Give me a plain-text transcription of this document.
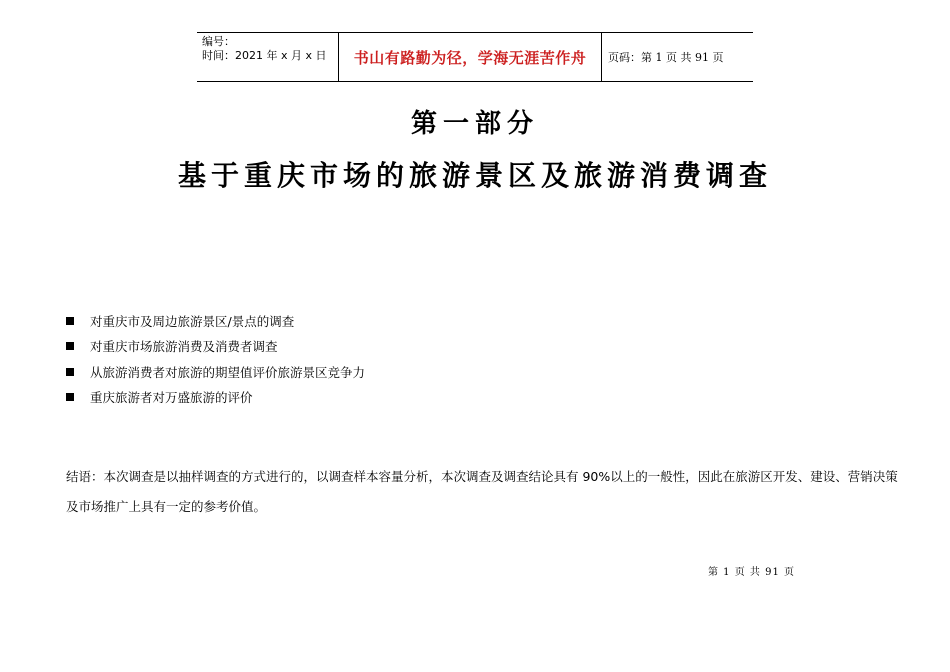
编号：
时间：2021 年 x 月 x 日	书山有路勤为径，学海无涯苦作舟	页码：第 1 页 共 91 页
第一部分
基于重庆市场的旅游景区及旅游消费调查
对重庆市及周边旅游景区/景点的调查
对重庆市场旅游消费及消费者调查
从旅游消费者对旅游的期望值评价旅游景区竞争力
重庆旅游者对万盛旅游的评价
结语：本次调查是以抽样调查的方式进行的，以调查样本容量分析，本次调查及调查结论具有 90%以上的一般性，因此在旅游区开发、建设、营销决策及市场推广上具有一定的参考价值。
第 1 页 共 91 页
